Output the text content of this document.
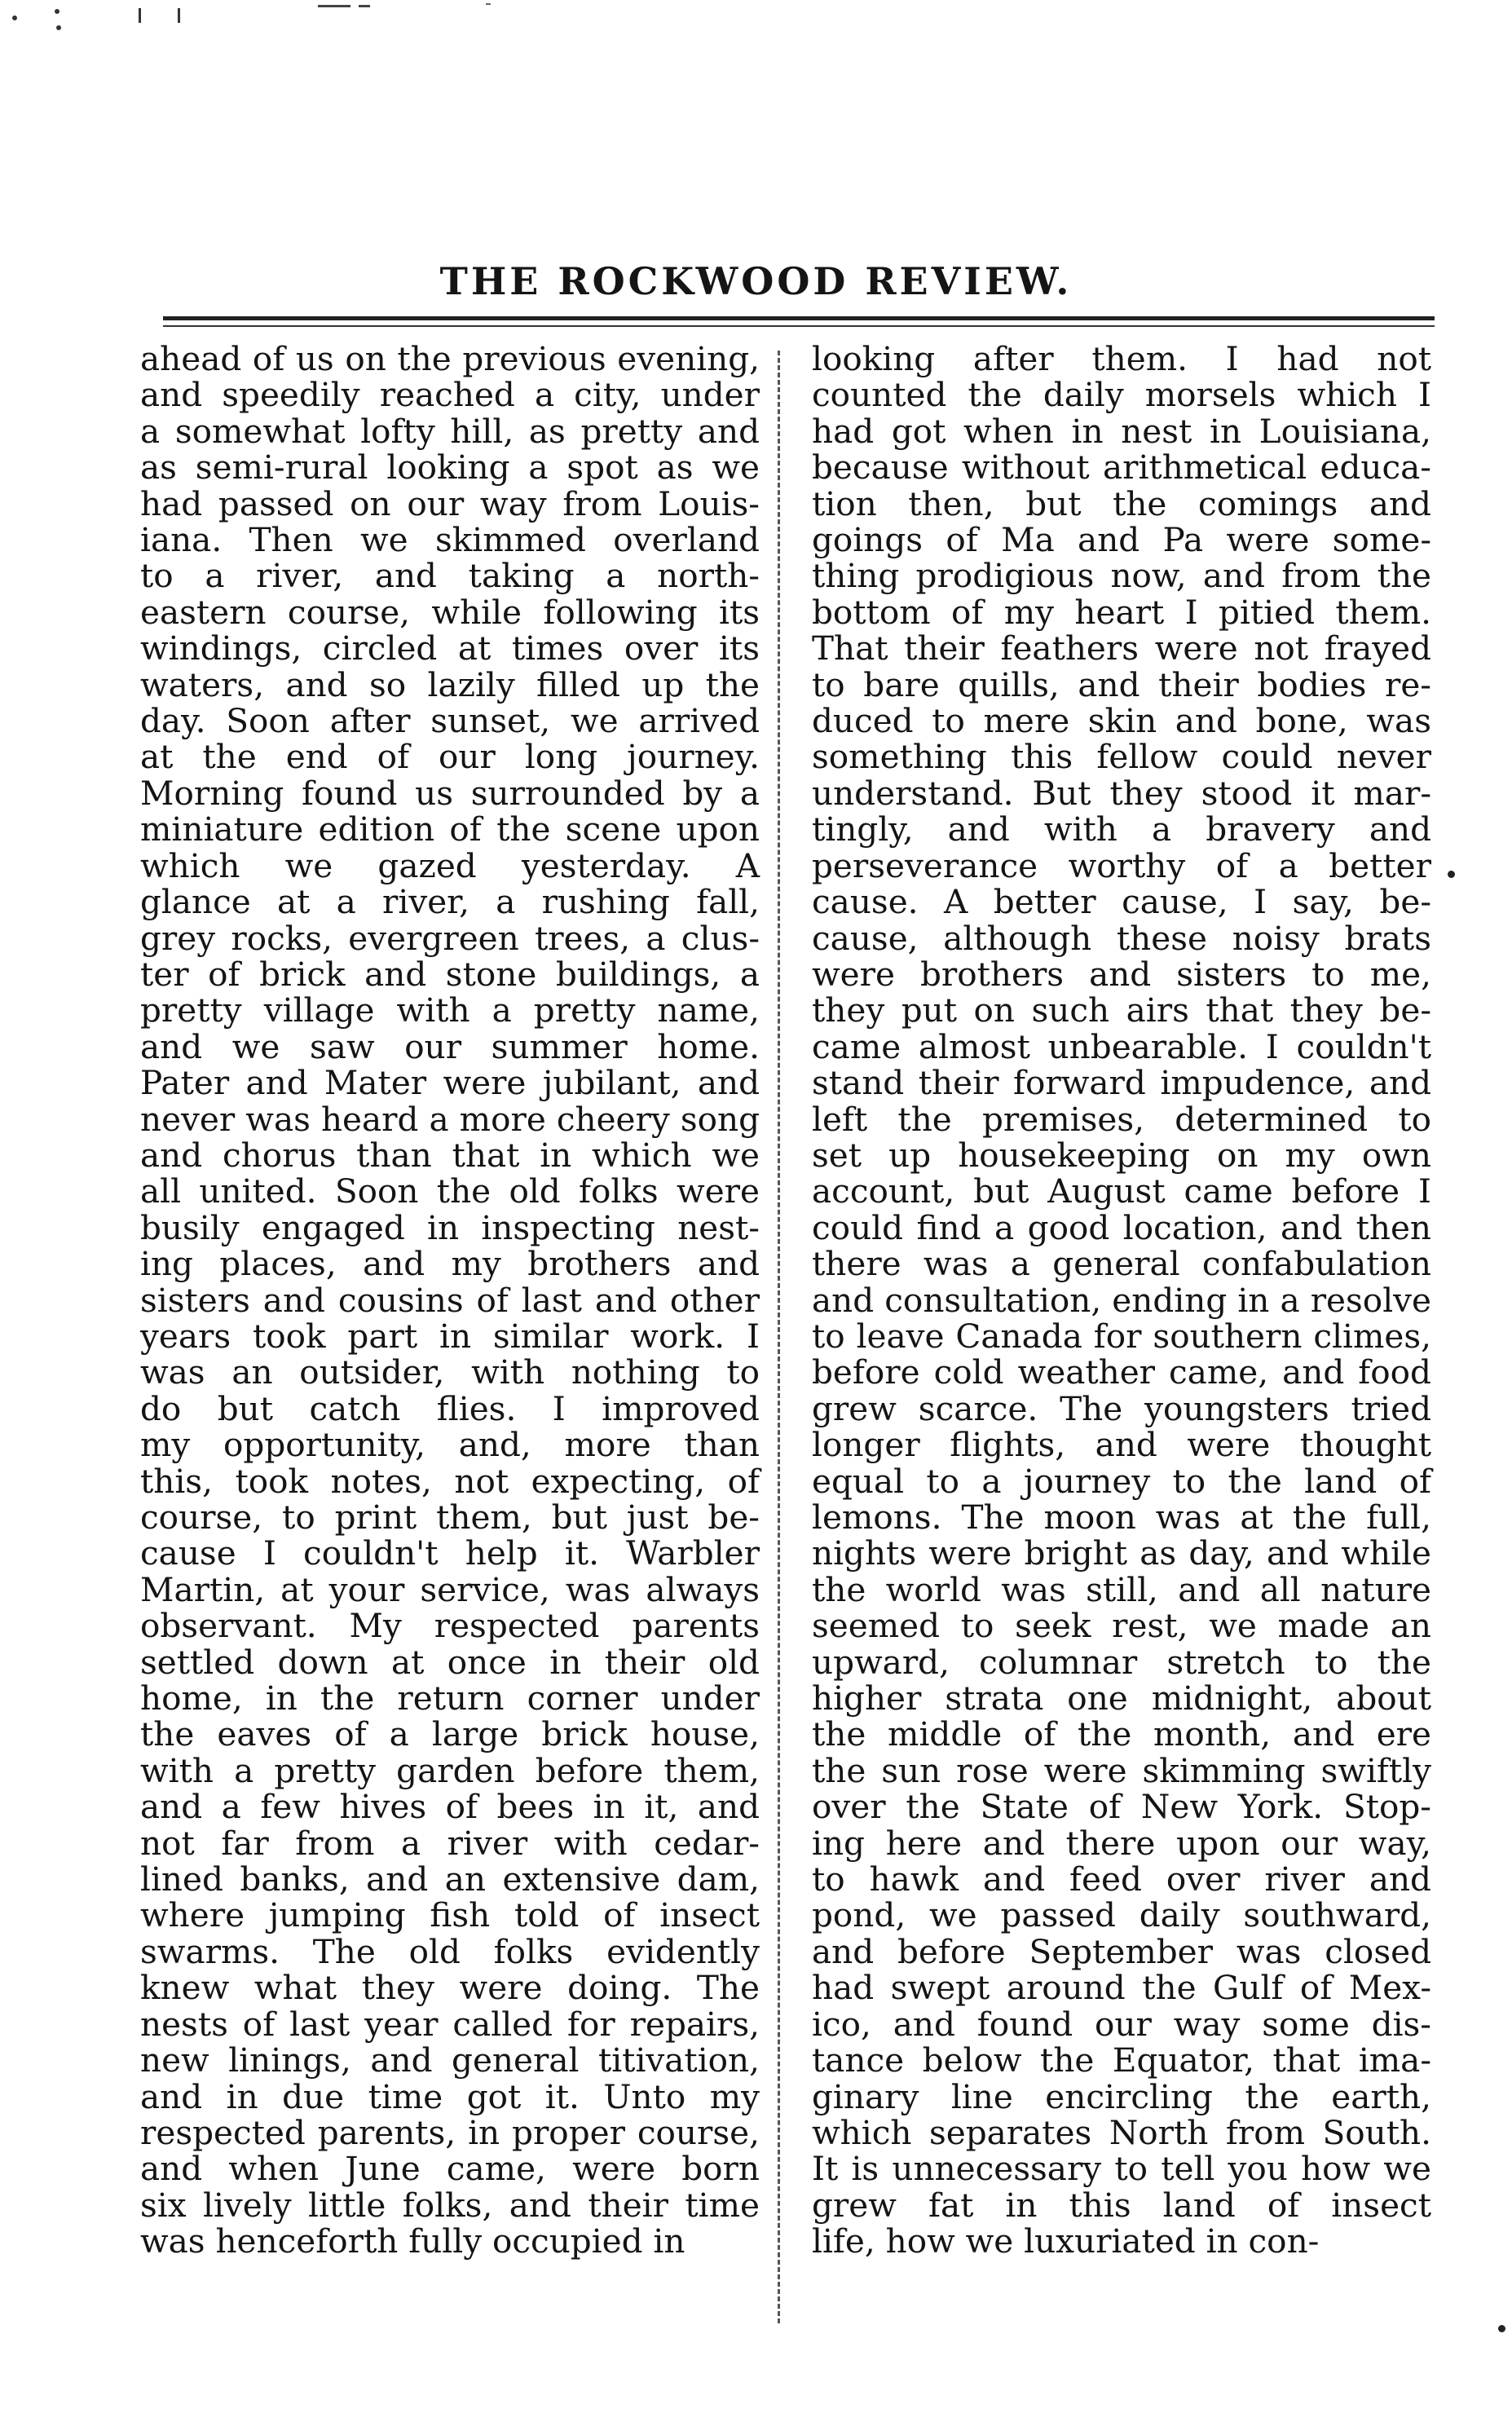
THE ROCKWOOD REVIEW.
ahead of us on the previous evening,
and speedily reached a city, under
a somewhat lofty hill, as pretty and
as semi-rural looking a spot as we
had passed on our way from Louis-
iana. Then we skimmed overland
to a river, and taking a north-
eastern course, while following its
windings, circled at times over its
waters, and so lazily filled up the
day. Soon after sunset, we arrived
at the end of our long journey.
Morning found us surrounded by a
miniature edition of the scene upon
which we gazed yesterday. A
glance at a river, a rushing fall,
grey rocks, evergreen trees, a clus-
ter of brick and stone buildings, a
pretty village with a pretty name,
and we saw our summer home.
Pater and Mater were jubilant, and
never was heard a more cheery song
and chorus than that in which we
all united. Soon the old folks were
busily engaged in inspecting nest-
ing places, and my brothers and
sisters and cousins of last and other
years took part in similar work. I
was an outsider, with nothing to
do but catch flies. I improved
my opportunity, and, more than
this, took notes, not expecting, of
course, to print them, but just be-
cause I couldn't help it. Warbler
Martin, at your service, was always
observant. My respected parents
settled down at once in their old
home, in the return corner under
the eaves of a large brick house,
with a pretty garden before them,
and a few hives of bees in it, and
not far from a river with cedar-
lined banks, and an extensive dam,
where jumping fish told of insect
swarms. The old folks evidently
knew what they were doing. The
nests of last year called for repairs,
new linings, and general titivation,
and in due time got it. Unto my
respected parents, in proper course,
and when June came, were born
six lively little folks, and their time
was henceforth fully occupied in
looking after them. I had not
counted the daily morsels which I
had got when in nest in Louisiana,
because without arithmetical educa-
tion then, but the comings and
goings of Ma and Pa were some-
thing prodigious now, and from the
bottom of my heart I pitied them.
That their feathers were not frayed
to bare quills, and their bodies re-
duced to mere skin and bone, was
something this fellow could never
understand. But they stood it mar-
tingly, and with a bravery and
perseverance worthy of a better
cause. A better cause, I say, be-
cause, although these noisy brats
were brothers and sisters to me,
they put on such airs that they be-
came almost unbearable. I couldn't
stand their forward impudence, and
left the premises, determined to
set up housekeeping on my own
account, but August came before I
could find a good location, and then
there was a general confabulation
and consultation, ending in a resolve
to leave Canada for southern climes,
before cold weather came, and food
grew scarce. The youngsters tried
longer flights, and were thought
equal to a journey to the land of
lemons. The moon was at the full,
nights were bright as day, and while
the world was still, and all nature
seemed to seek rest, we made an
upward, columnar stretch to the
higher strata one midnight, about
the middle of the month, and ere
the sun rose were skimming swiftly
over the State of New York. Stop-
ing here and there upon our way,
to hawk and feed over river and
pond, we passed daily southward,
and before September was closed
had swept around the Gulf of Mex-
ico, and found our way some dis-
tance below the Equator, that ima-
ginary line encircling the earth,
which separates North from South.
It is unnecessary to tell you how we
grew fat in this land of insect
life, how we luxuriated in con-
